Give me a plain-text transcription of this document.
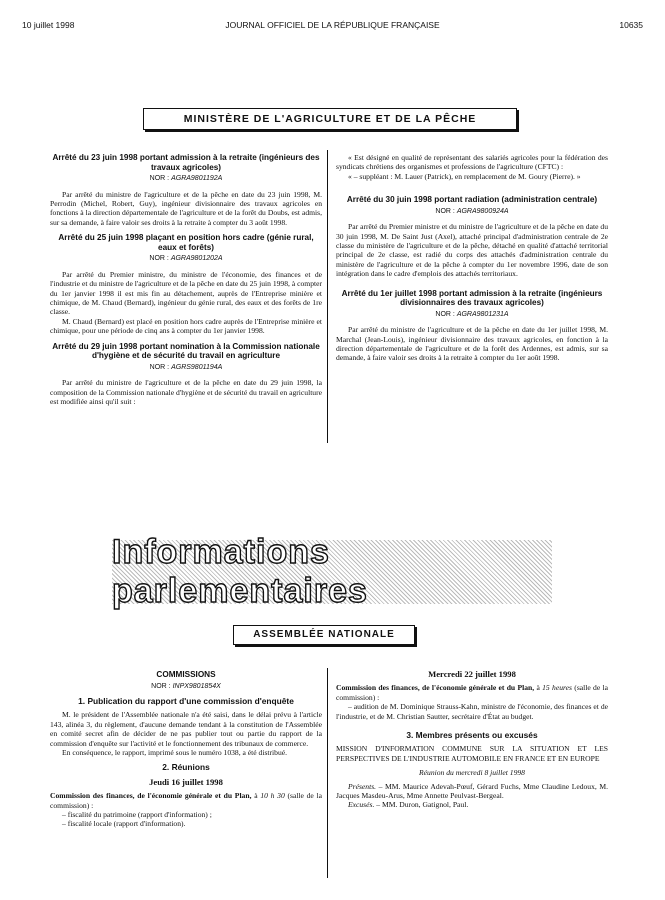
10 juillet 1998	JOURNAL OFFICIEL DE LA RÉPUBLIQUE FRANÇAISE	10635
MINISTÈRE DE L'AGRICULTURE ET DE LA PÊCHE
Arrêté du 23 juin 1998 portant admission à la retraite (ingénieurs des travaux agricoles)
NOR : AGRA9801192A

Par arrêté du ministre de l'agriculture et de la pêche en date du 23 juin 1998, M. Perrodin (Michel, Robert, Guy), ingénieur divisionnaire des travaux agricoles en fonctions à la direction départementale de l'agriculture et de la forêt du Doubs, est admis, sur sa demande, à faire valoir ses droits à la retraite à compter du 3 août 1998.

Arrêté du 25 juin 1998 plaçant en position hors cadre (génie rural, eaux et forêts)
NOR : AGRA9801202A

Par arrêté du Premier ministre, du ministre de l'économie, des finances et de l'industrie et du ministre de l'agriculture et de la pêche en date du 25 juin 1998, à compter du 1er janvier 1998 il est mis fin au détachement, auprès de l'Entreprise minière et chimique, de M. Chaud (Bernard), ingénieur du génie rural, des eaux et des forêts de 1re classe.

M. Chaud (Bernard) est placé en position hors cadre auprès de l'Entreprise minière et chimique, pour une période de cinq ans à compter du 1er janvier 1998.

Arrêté du 29 juin 1998 portant nomination à la Commission nationale d'hygiène et de sécurité du travail en agriculture
NOR : AGRS9801194A

Par arrêté du ministre de l'agriculture et de la pêche en date du 29 juin 1998, la composition de la Commission nationale d'hygiène et de sécurité du travail en agriculture est modifiée ainsi qu'il suit :

« Est désigné en qualité de représentant des salariés agricoles pour la fédération des syndicats chrétiens des organismes et professions de l'agriculture (CFTC) :

« – suppléant : M. Lauer (Patrick), en remplacement de M. Goury (Pierre). »

Arrêté du 30 juin 1998 portant radiation (administration centrale)
NOR : AGRA9800924A

Par arrêté du Premier ministre et du ministre de l'agriculture et de la pêche en date du 30 juin 1998, M. De Saint Just (Axel), attaché principal d'administration centrale de 2e classe du ministère de l'agriculture et de la pêche, détaché en qualité d'attaché territorial principal de 2e classe, est radié du corps des attachés d'administration centrale du ministère de l'agriculture et de la pêche à compter du 1er novembre 1996, date de son intégration dans le cadre d'emplois des attachés territoriaux.

Arrêté du 1er juillet 1998 portant admission à la retraite (ingénieurs divisionnaires des travaux agricoles)
NOR : AGRA9801231A

Par arrêté du ministre de l'agriculture et de la pêche en date du 1er juillet 1998, M. Marchal (Jean-Louis), ingénieur divisionnaire des travaux agricoles, en fonction à la direction départementale de l'agriculture et de la forêt des Ardennes, est admis, sur sa demande, à faire valoir ses droits à la retraite à compter du 1er août 1998.

Informations parlementaires
ASSEMBLÉE NATIONALE
COMMISSIONS
NOR : INPX9801854X
1. Publication du rapport d'une commission d'enquête

M. le président de l'Assemblée nationale n'a été saisi, dans le délai prévu à l'article 143, alinéa 3, du règlement, d'aucune demande tendant à la constitution de l'Assemblée en comité secret afin de décider de ne pas publier tout ou partie du rapport de la commission d'enquête sur l'activité et le fonctionnement des tribunaux de commerce.

En conséquence, le rapport, imprimé sous le numéro 1038, a été distribué.

2. Réunions
Jeudi 16 juillet 1998

Commission des finances, de l'économie générale et du Plan, à 10 h 30 (salle de la commission) :

– fiscalité du patrimoine (rapport d'information) ;

– fiscalité locale (rapport d'information).

Mercredi 22 juillet 1998

Commission des finances, de l'économie générale et du Plan, à 15 heures (salle de la commission) :

– audition de M. Dominique Strauss-Kahn, ministre de l'économie, des finances et de l'industrie, et de M. Christian Sautter, secrétaire d'État au budget.

3. Membres présents ou excusés

MISSION D'INFORMATION COMMUNE SUR LA SITUATION ET LES PERSPECTIVES DE L'INDUSTRIE AUTOMOBILE EN FRANCE ET EN EUROPE

Réunion du mercredi 8 juillet 1998

Présents. – MM. Maurice Adevah-Pœuf, Gérard Fuchs, Mme Claudine Ledoux, M. Jacques Masdeu-Arus, Mme Annette Peulvast-Bergeal.

Excusés. – MM. Duron, Gatignol, Paul.
